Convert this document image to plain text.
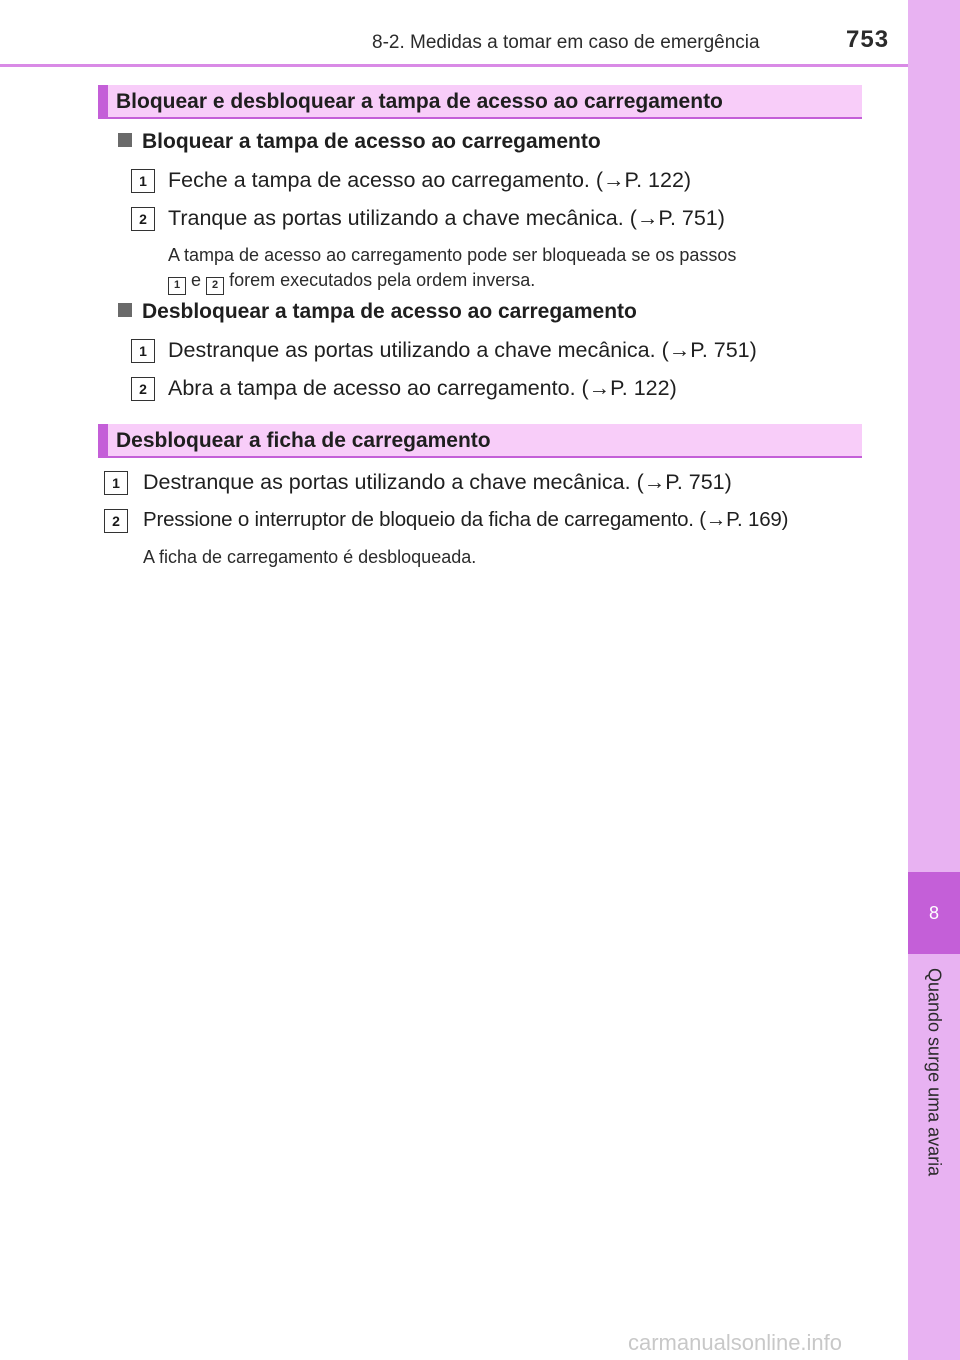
8-2. Medidas a tomar em caso de emergência	753
8
Quando surge uma avaria
Bloquear e desbloquear a tampa de acesso ao carregamento
Bloquear a tampa de acesso ao carregamento
1 Feche a tampa de acesso ao carregamento. (→P. 122)
2 Tranque as portas utilizando a chave mecânica. (→P. 751)
A tampa de acesso ao carregamento pode ser bloqueada se os passos
1 e 2 forem executados pela ordem inversa.
Desbloquear a tampa de acesso ao carregamento
1 Destranque as portas utilizando a chave mecânica. (→P. 751)
2 Abra a tampa de acesso ao carregamento. (→P. 122)
Desbloquear a ficha de carregamento
1	Destranque as portas utilizando a chave mecânica. (→P. 751)
2	Pressione o interruptor de bloqueio da ficha de carregamento. (→P. 169)
A ficha de carregamento é desbloqueada.
carmanualsonline.info
